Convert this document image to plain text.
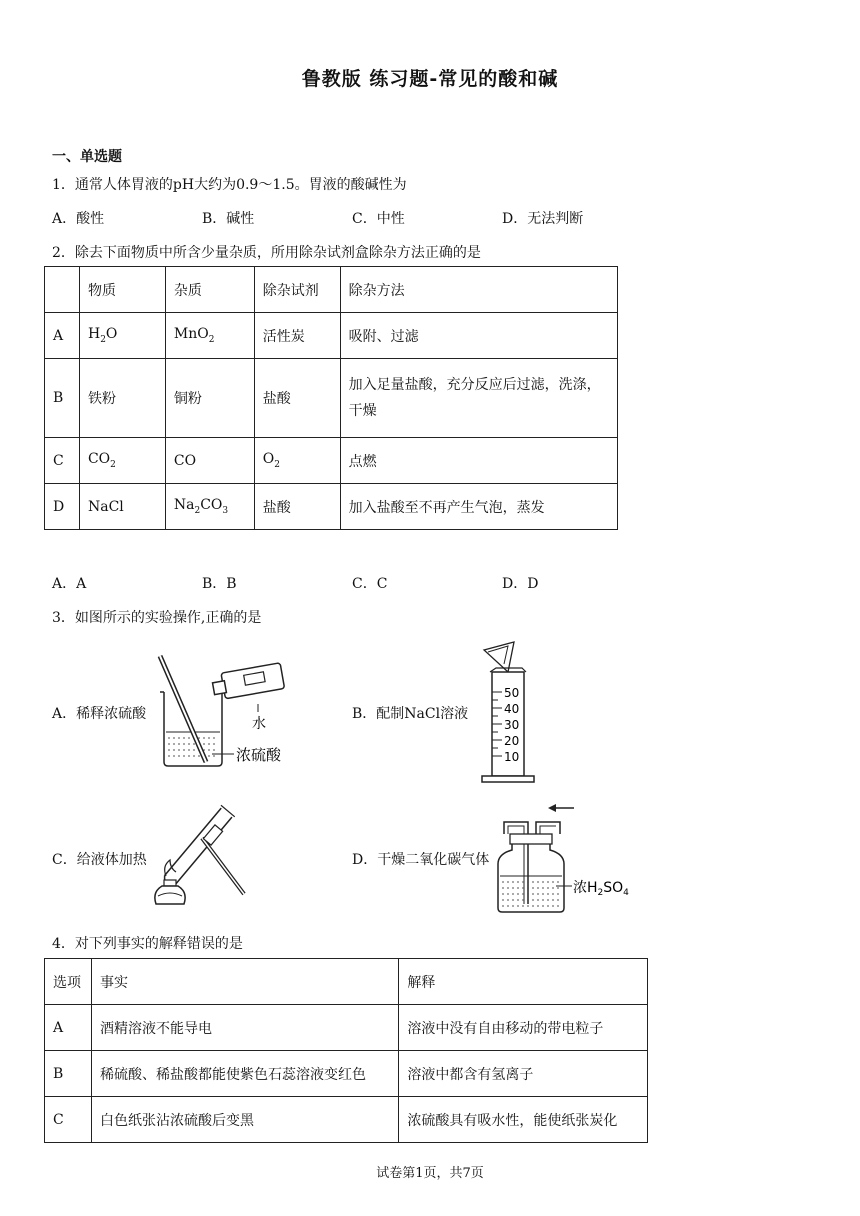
鲁教版 练习题-常见的酸和碱
一、单选题
1．通常人体胃液的pH大约为0.9～1.5。胃液的酸碱性为
A．酸性	B．碱性	C．中性	D．无法判断
2．除去下面物质中所含少量杂质，所用除杂试剂盒除杂方法正确的是
	物质	杂质	除杂试剂	除杂方法
A	$H_2O$	MnO$_2$	活性炭	吸附、过滤
B	铁粉	铜粉	盐酸	加入足量盐酸，充分反应后过滤，洗涤，
干燥
C	$CO_2$	CO	$O_2$	点燃
D	NaCl	$Na_2CO_3$	盐酸	加入盐酸至不再产生气泡，蒸发
A．A	B．B	C．C	D．D
3．如图所示的实验操作,正确的是
A．稀释浓硫酸
水
浓硫酸
B．配制NaCl溶液
50
40
30
20
10
C．给液体加热	D．干燥二氧化碳气体
浓$H_2SO_4$
4．对下列事实的解释错误的是
选项	事实	解释
A	酒精溶液不能导电	溶液中没有自由移动的带电粒子
B	稀硫酸、稀盐酸都能使紫色石蕊溶液变红色	溶液中都含有氢离子
C	白色纸张沾浓硫酸后变黑	浓硫酸具有吸水性，能使纸张炭化
试卷第1页，共7页
